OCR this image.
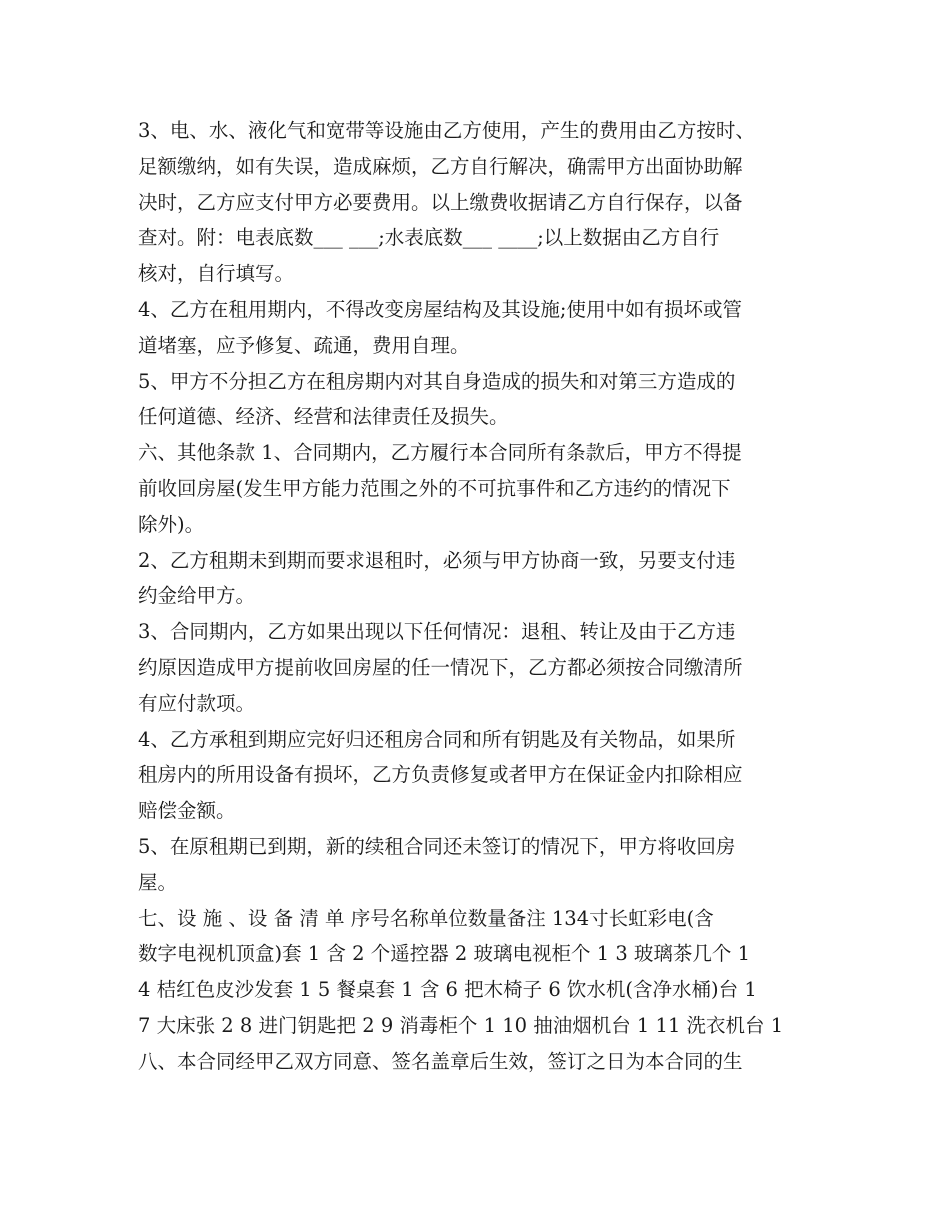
3、电、水、液化气和宽带等设施由乙方使用，产生的费用由乙方按时、
足额缴纳，如有失误，造成麻烦，乙方自行解决，确需甲方出面协助解
决时，乙方应支付甲方必要费用。以上缴费收据请乙方自行保存，以备
查对。附：电表底数___ ___;水表底数___ ____;以上数据由乙方自行
核对，自行填写。
4、乙方在租用期内，不得改变房屋结构及其设施;使用中如有损坏或管
道堵塞，应予修复、疏通，费用自理。
5、甲方不分担乙方在租房期内对其自身造成的损失和对第三方造成的
任何道德、经济、经营和法律责任及损失。
六、其他条款 1、合同期内，乙方履行本合同所有条款后，甲方不得提
前收回房屋(发生甲方能力范围之外的不可抗事件和乙方违约的情况下
除外)。
2、乙方租期未到期而要求退租时，必须与甲方协商一致，另要支付违
约金给甲方。
3、合同期内，乙方如果出现以下任何情况：退租、转让及由于乙方违
约原因造成甲方提前收回房屋的任一情况下，乙方都必须按合同缴清所
有应付款项。
4、乙方承租到期应完好归还租房合同和所有钥匙及有关物品，如果所
租房内的所用设备有损坏，乙方负责修复或者甲方在保证金内扣除相应
赔偿金额。
5、在原租期已到期，新的续租合同还未签订的情况下，甲方将收回房
屋。
七、设 施 、设 备 清 单 序号名称单位数量备注 134寸长虹彩电(含
数字电视机顶盒)套 1 含 2 个遥控器 2 玻璃电视柜个 1 3 玻璃茶几个 1
4 桔红色皮沙发套 1 5 餐桌套 1 含 6 把木椅子 6 饮水机(含净水桶)台 1
7 大床张 2 8 进门钥匙把 2 9 消毒柜个 1 10 抽油烟机台 1 11 洗衣机台 1
八、本合同经甲乙双方同意、签名盖章后生效，签订之日为本合同的生
